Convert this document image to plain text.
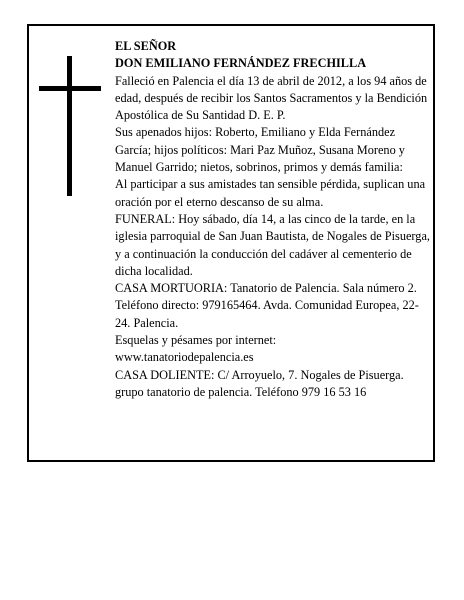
EL SEÑOR

DON EMILIANO FERNÁNDEZ FRECHILLA

Falleció en Palencia el día 13 de abril de 2012, a los 94 años de edad, después de recibir los Santos Sacramentos y la Bendición Apostólica de Su Santidad D. E. P.

Sus apenados hijos: Roberto, Emiliano y Elda Fernández García; hijos políticos: Mari Paz Muñoz, Susana Moreno y Manuel Garrido; nietos, sobrinos, primos y demás familia:

Al participar a sus amistades tan sensible pérdida, suplican una oración por el eterno descanso de su alma.

FUNERAL: Hoy sábado, día 14, a las cinco de la tarde, en la iglesia parroquial de San Juan Bautista, de Nogales de Pisuerga, y a continuación la conducción del cadáver al cementerio de dicha localidad.

CASA MORTUORIA: Tanatorio de Palencia. Sala número 2. Teléfono directo: 979165464. Avda. Comunidad Europea, 22-24. Palencia.

Esquelas y pésames por internet:

www.tanatoriodepalencia.es

CASA DOLIENTE: C/ Arroyuelo, 7. Nogales de Pisuerga.

grupo tanatorio de palencia. Teléfono 979 16 53 16
